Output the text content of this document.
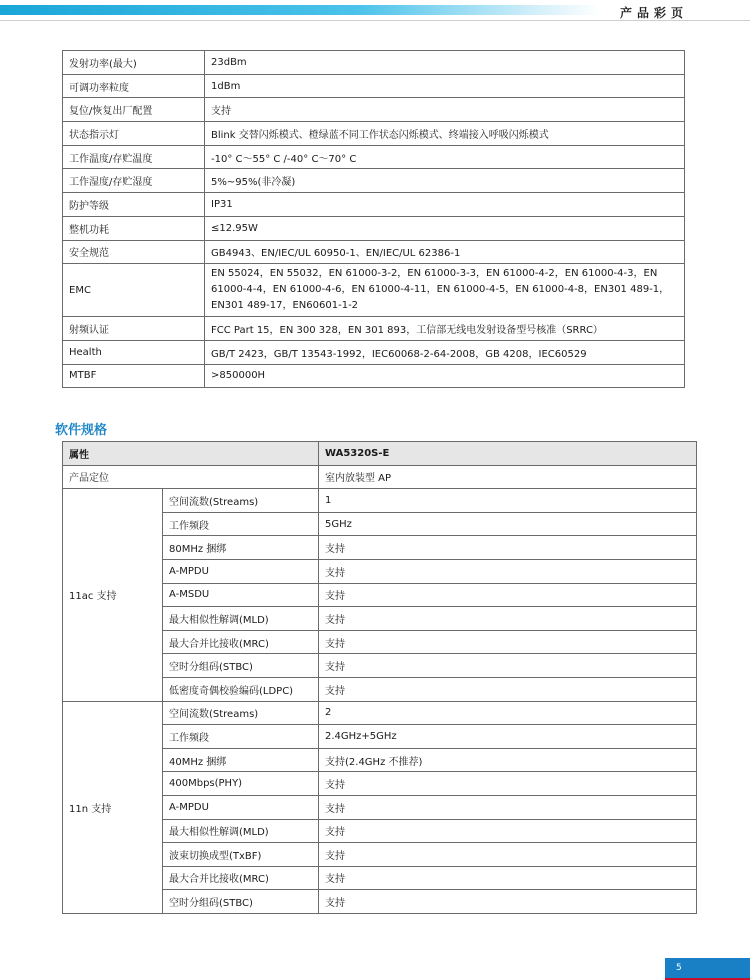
产品彩页
发射功率(最大)	23dBm
可调功率粒度	1dBm
复位/恢复出厂配置	支持
状态指示灯	Blink 交替闪烁模式、橙绿蓝不同工作状态闪烁模式、终端接入呼吸闪烁模式
工作温度/存贮温度	-10° C～55° C /-40° C～70° C
工作湿度/存贮湿度	5%~95%(非冷凝)
防护等级	IP31
整机功耗	≤12.95W
安全规范	GB4943、EN/IEC/UL 60950-1、EN/IEC/UL 62386-1
EMC	EN 55024，EN 55032，EN 61000-3-2，EN 61000-3-3，EN 61000-4-2，EN 61000-4-3，EN 61000-4-4，EN 61000-4-6，EN 61000-4-11，EN 61000-4-5，EN 61000-4-8，EN301 489-1，EN301 489-17，EN60601-1-2
射频认证	FCC Part 15，EN 300 328，EN 301 893，工信部无线电发射设备型号核准（SRRC）
Health	GB/T 2423，GB/T 13543-1992，IEC60068-2-64-2008，GB 4208，IEC60529
MTBF	>850000H
软件规格
属性		WA5320S-E
产品定位		室内放装型 AP
11ac 支持	空间流数(Streams)	1
	工作频段	5GHz
	80MHz 捆绑	支持
	A-MPDU	支持
	A-MSDU	支持
	最大相似性解调(MLD)	支持
	最大合并比接收(MRC)	支持
	空时分组码(STBC)	支持
	低密度奇偶校验编码(LDPC)	支持
11n 支持	空间流数(Streams)	2
	工作频段	2.4GHz+5GHz
	40MHz 捆绑	支持(2.4GHz 不推荐)
	400Mbps(PHY)	支持
	A-MPDU	支持
	最大相似性解调(MLD)	支持
	波束切换成型(TxBF)	支持
	最大合并比接收(MRC)	支持
	空时分组码(STBC)	支持
5
